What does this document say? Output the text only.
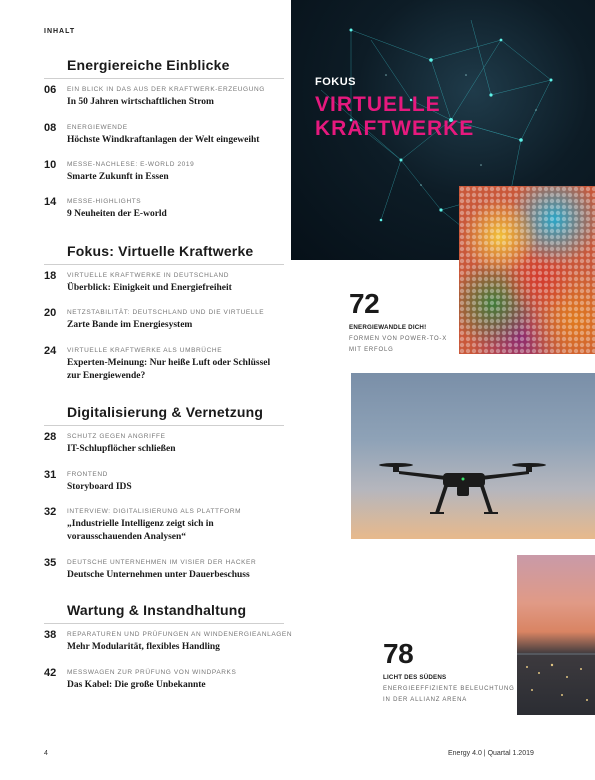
INHALT
Energiereiche Einblicke
06 EIN BLICK IN DAS AUS DER KRAFTWERK-ERZEUGUNG
In 50 Jahren wirtschaftlichen Strom
08 ENERGIEWENDE
Höchste Windkraftanlagen der Welt eingeweiht
10 MESSE-NACHLESE: E-WORLD 2019
Smarte Zukunft in Essen
14 MESSE-HIGHLIGHTS
9 Neuheiten der E-world
Fokus: Virtuelle Kraftwerke
18 VIRTUELLE KRAFTWERKE IN DEUTSCHLAND
Überblick: Einigkeit und Energiefreiheit
20 NETZSTABILITÄT: DEUTSCHLAND UND DIE VIRTUELLE
Zarte Bande im Energiesystem
24 VIRTUELLE KRAFTWERKE ALS UMBRÜCHE
Experten-Meinung: Nur heiße Luft oder Schlüssel zur Energiewende?
Digitalisierung & Vernetzung
28 SCHUTZ GEGEN ANGRIFFE
IT-Schlupflöcher schließen
31 FRONTEND
Storyboard IDS
32 INTERVIEW: DIGITALISIERUNG ALS PLATTFORM
„Industrielle Intelligenz zeigt sich in vorausschauenden Analysen“
35 DEUTSCHE UNTERNEHMEN IM VISIER DER HACKER
Deutsche Unternehmen unter Dauerbeschuss
Wartung & Instandhaltung
38 REPARATUREN UND PRÜFUNGEN AN WINDENERGIEANLAGEN
Mehr Modularität, flexibles Handling
42 MESSWAGEN ZUR PRÜFUNG VON WINDPARKS
Das Kabel: Die große Unbekannte
FOKUS
VIRTUELLE
KRAFTWERKE
72
ENERGIEWANDLE DICH!
FORMEN VON POWER-TO-X
MIT ERFOLG
78
LICHT DES SÜDENS
ENERGIEEFFIZIENTE BELEUCHTUNG
IN DER ALLIANZ ARENA
4	Energy 4.0 | Quartal 1.2019
